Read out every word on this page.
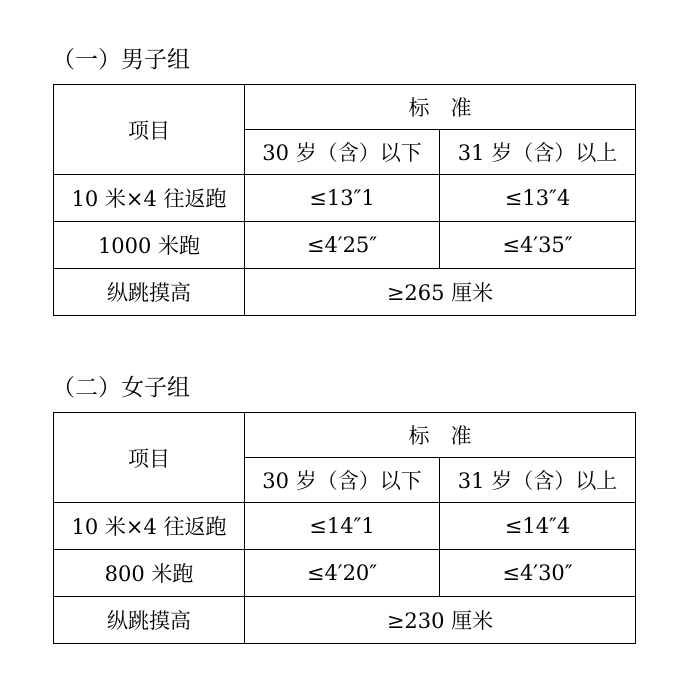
（一）男子组
项目	标　准	
	30 岁（含）以下	31 岁（含）以上
10 米×4 往返跑	≤13″1	≤13″4
1000 米跑	≤4′25″	≤4′35″
纵跳摸高	≥265 厘米	
（二）女子组
项目	标　准	
	30 岁（含）以下	31 岁（含）以上
10 米×4 往返跑	≤14″1	≤14″4
800 米跑	≤4′20″	≤4′30″
纵跳摸高	≥230 厘米	
